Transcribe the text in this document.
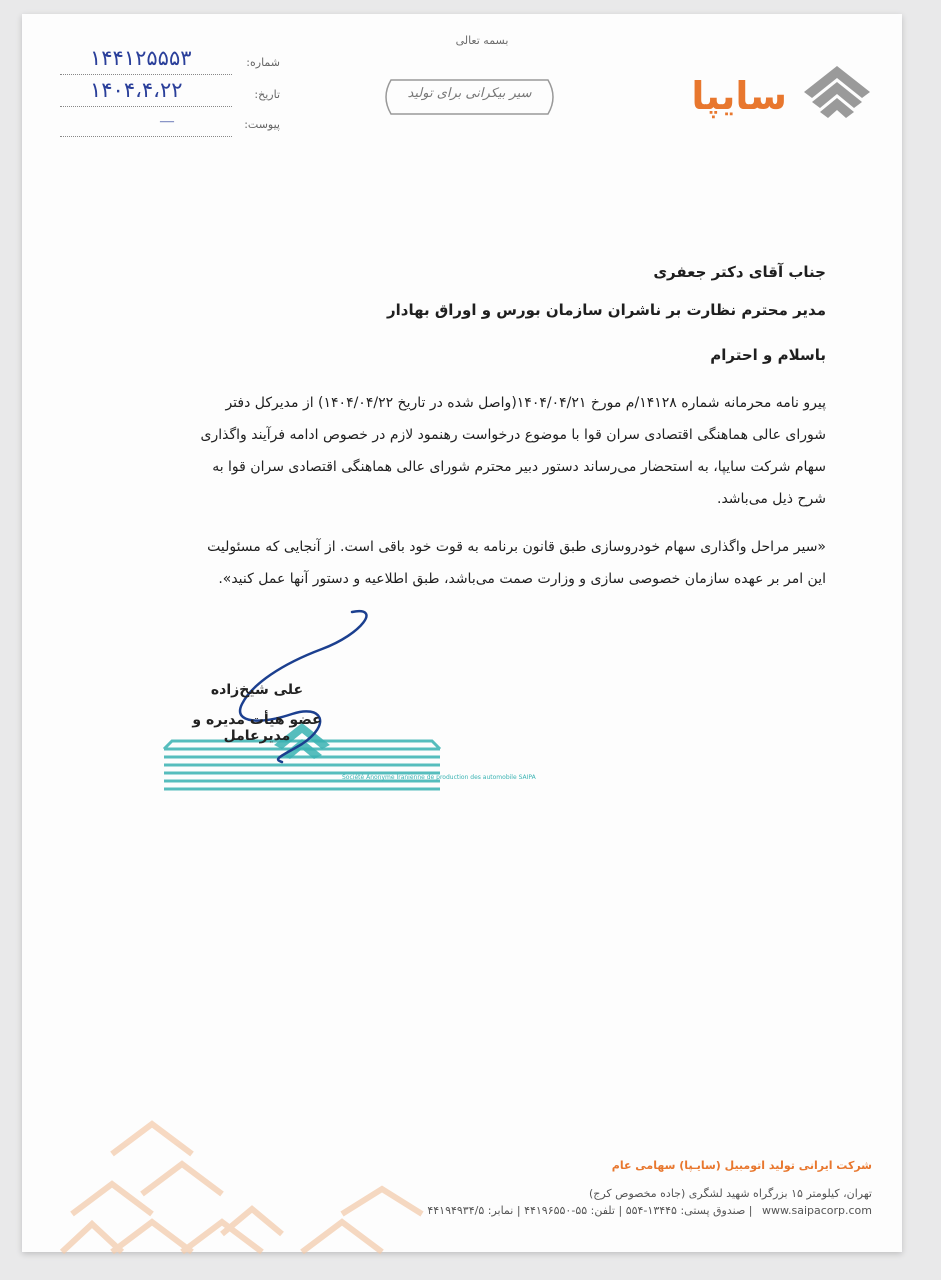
بسمه تعالی
سایپا
سیر بیکرانی برای تولید
شماره:
۱۴۴۱۲۵۵۵۳
تاریخ:
۱۴۰۴،۴،۲۲
پیوست:
—
جناب آقای دکتر جعفری
مدیر محترم نظارت بر ناشران سازمان بورس و اوراق بهادار
باسلام و احترام
پیرو نامه محرمانه شماره ۱۴۱۲۸/م مورخ ۱۴۰۴/۰۴/۲۱(واصل شده در تاریخ ۱۴۰۴/۰۴/۲۲) از مدیرکل دفتر
شورای عالی هماهنگی اقتصادی سران قوا با موضوع درخواست رهنمود لازم در خصوص ادامه فرآیند واگذاری
سهام شرکت سایپا، به استحضار می‌رساند دستور دبیر محترم شورای عالی هماهنگی اقتصادی سران قوا به
شرح ذیل می‌باشد.
«سیر مراحل واگذاری سهام خودروسازی طبق قانون برنامه به قوت خود باقی است. از آنجایی که مسئولیت
این امر بر عهده سازمان خصوصی سازی و وزارت صمت می‌باشد، طبق اطلاعیه و دستور آنها عمل کنید».
Société Anonyme Iranienne de production des automobile SAIPA
علی شیخ‌زاده
عضو هیأت مدیره و مدیرعامل
شرکت ایرانی تولید اتومبیل (سایـپا) سهامی عام
تهران، کیلومتر ۱۵ بزرگراه شهید لشگری (جاده مخصوص کرج)
صندوق پستی: ۱۳۴۴۵-۵۵۴ | تلفن: ۵۵-۴۴۱۹۶۵۵۰ | نمابر: ۴۴۱۹۴۹۳۴/۵ | www.saipacorp.com
